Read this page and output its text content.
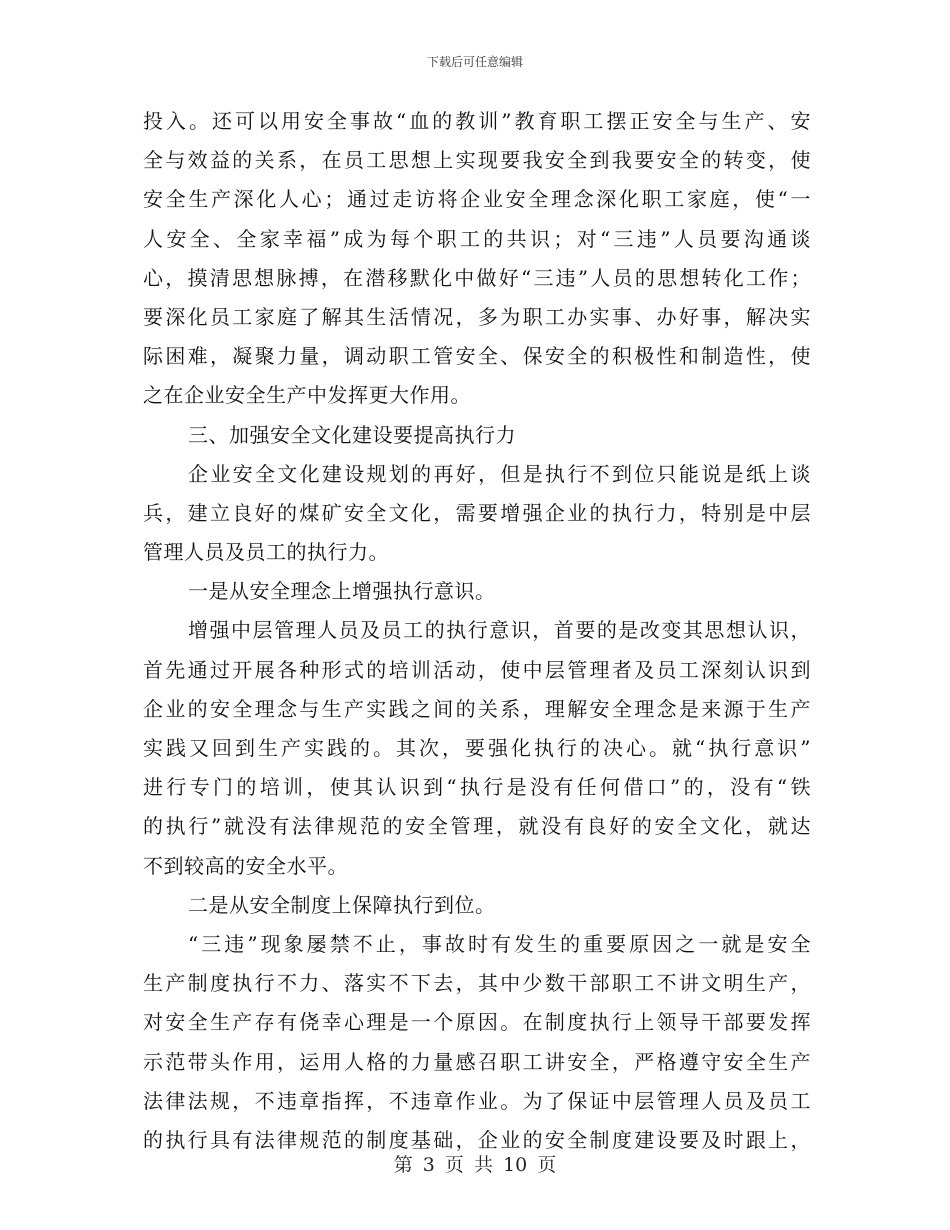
下载后可任意编辑
投入。还可以用安全事故“血的教训”教育职工摆正安全与生产、安
全与效益的关系，在员工思想上实现要我安全到我要安全的转变，使
安全生产深化人心；通过走访将企业安全理念深化职工家庭，使“一
人安全、全家幸福”成为每个职工的共识；对“三违”人员要沟通谈
心，摸清思想脉搏，在潜移默化中做好“三违”人员的思想转化工作；
要深化员工家庭了解其生活情况，多为职工办实事、办好事，解决实
际困难，凝聚力量，调动职工管安全、保安全的积极性和制造性，使
之在企业安全生产中发挥更大作用。
三、加强安全文化建设要提高执行力
企业安全文化建设规划的再好，但是执行不到位只能说是纸上谈
兵，建立良好的煤矿安全文化，需要增强企业的执行力，特别是中层
管理人员及员工的执行力。
一是从安全理念上增强执行意识。
增强中层管理人员及员工的执行意识，首要的是改变其思想认识，
首先通过开展各种形式的培训活动，使中层管理者及员工深刻认识到
企业的安全理念与生产实践之间的关系，理解安全理念是来源于生产
实践又回到生产实践的。其次，要强化执行的决心。就“执行意识”
进行专门的培训，使其认识到“执行是没有任何借口”的，没有“铁
的执行”就没有法律规范的安全管理，就没有良好的安全文化，就达
不到较高的安全水平。
二是从安全制度上保障执行到位。
“三违”现象屡禁不止，事故时有发生的重要原因之一就是安全
生产制度执行不力、落实不下去，其中少数干部职工不讲文明生产，
对安全生产存有侥幸心理是一个原因。在制度执行上领导干部要发挥
示范带头作用，运用人格的力量感召职工讲安全，严格遵守安全生产
法律法规，不违章指挥，不违章作业。为了保证中层管理人员及员工
的执行具有法律规范的制度基础，企业的安全制度建设要及时跟上，
第 3 页 共 10 页
